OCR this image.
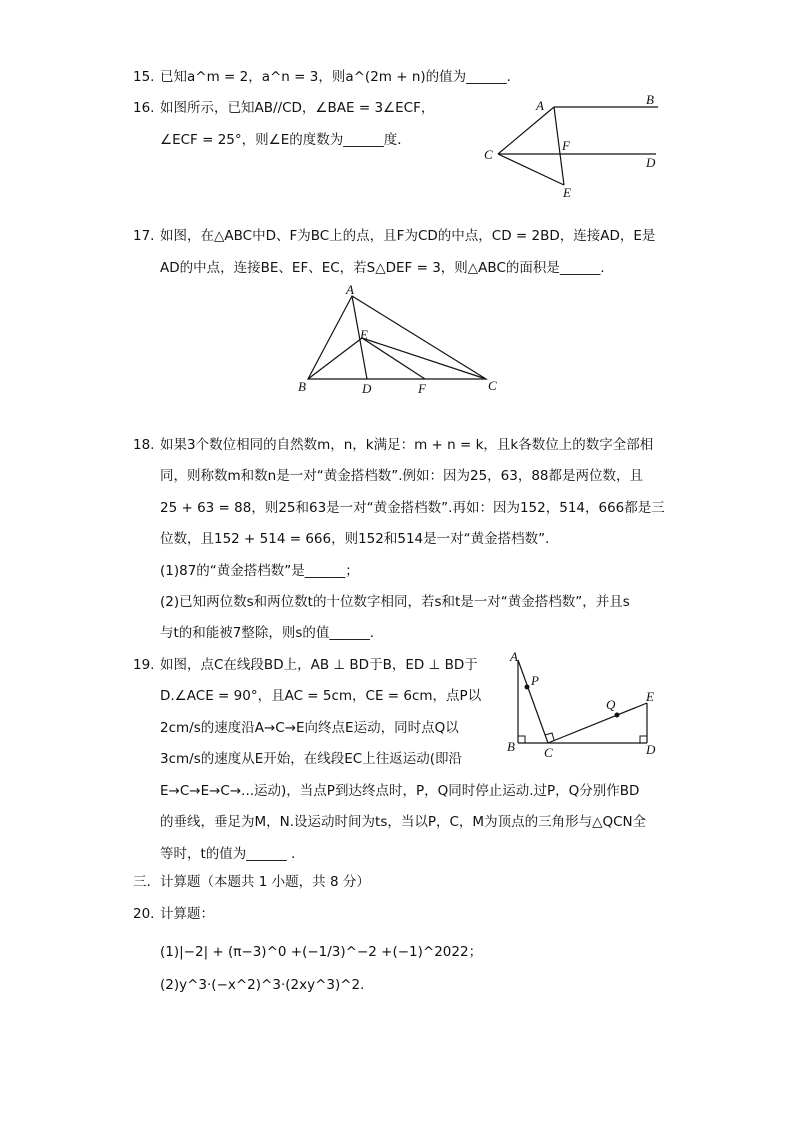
15. 已知a^m = 2，a^n = 3，则a^(2m + n)的值为______.
16. 如图所示，已知AB//CD，∠BAE = 3∠ECF，
∠ECF = 25°，则∠E的度数为______度．
A	B
C
D
E
F
17. 如图，在△ABC中D、F为BC上的点，且F为CD的中点，CD = 2BD，连接AD，E是
AD的中点，连接BE、EF、EC，若S△DEF = 3，则△ABC的面积是______．
A
B	C
D
E
F
18. 如果3个数位相同的自然数m，n，k满足：m + n = k，且k各数位上的数字全部相
同，则称数m和数n是一对“黄金搭档数”.例如：因为25，63，88都是两位数，且
25 + 63 = 88，则25和63是一对“黄金搭档数”.再如：因为152，514，666都是三
位数，且152 + 514 = 666，则152和514是一对“黄金搭档数”．
(1)87的“黄金搭档数”是______；
(2)已知两位数s和两位数t的十位数字相同，若s和t是一对“黄金搭档数”，并且s
与t的和能被7整除，则s的值______．
19. 如图，点C在线段BD上，AB ⊥ BD于B，ED ⊥ BD于
D.∠ACE = 90°，且AC = 5cm，CE = 6cm，点P以
2cm/s的速度沿A→C→E向终点E运动，同时点Q以
3cm/s的速度从E开始，在线段EC上往返运动(即沿
E→C→E→C→...运动)，当点P到达终点时，P，Q同时停止运动.过P，Q分别作BD
的垂线，垂足为M，N.设运动时间为ts，当以P，C，M为顶点的三角形与△QCN全
等时，t的值为______ ．
A
B C	D
E
P
Q
三．计算题（本题共 1 小题，共 8 分）
20. 计算题：
(1)|−2| + (π−3)^0 +(−1/3)^−2 +(−1)^2022；
(2)y^3·(−x^2)^3·(2xy^3)^2．
